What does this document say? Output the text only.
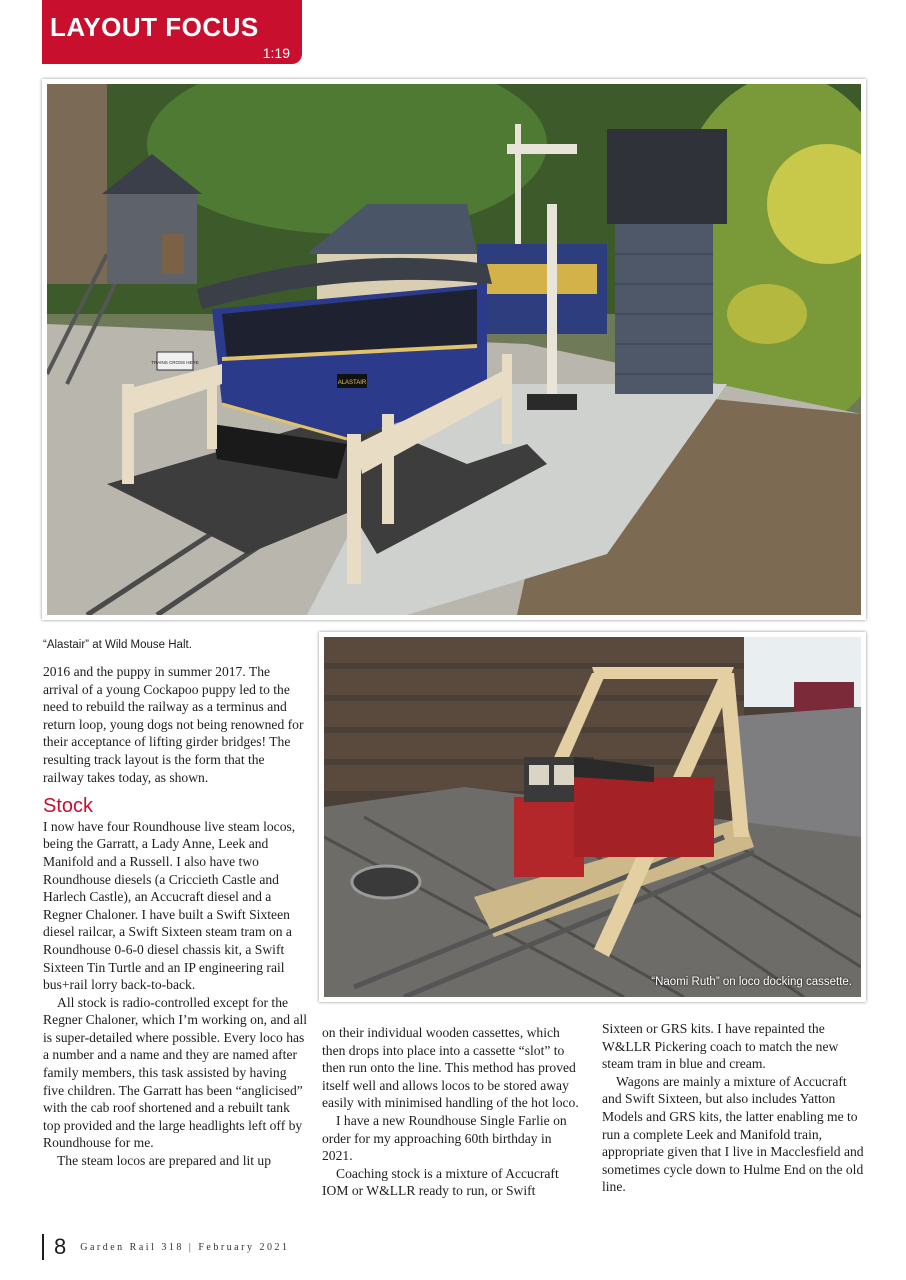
LAYOUT FOCUS
1:19
ALASTAIR
TRAINS CROSS HERE
“Alastair” at Wild Mouse Halt.
“Naomi Ruth” on loco docking cassette.

2016 and the puppy in summer 2017. The arrival of a young Cockapoo puppy led to the need to rebuild the railway as a terminus and return loop, young dogs not being renowned for their acceptance of lifting girder bridges! The resulting track layout is the form that the railway takes today, as shown.

Stock

I now have four Roundhouse live steam locos, being the Garratt, a Lady Anne, Leek and Manifold and a Russell. I also have two Roundhouse diesels (a Criccieth Castle and Harlech Castle), an Accucraft diesel and a Regner Chaloner. I have built a Swift Sixteen diesel railcar, a Swift Sixteen steam tram on a Roundhouse 0-6-0 diesel chassis kit, a Swift Sixteen Tin Turtle and an IP engineering rail bus+rail lorry back-to-back.

All stock is radio-controlled except for the Regner Chaloner, which I’m working on, and all is super-detailed where possible. Every loco has a number and a name and they are named after family members, this task assisted by having five children. The Garratt has been “anglicised” with the cab roof shortened and a rebuilt tank top provided and the large headlights left off by Roundhouse for me.

The steam locos are prepared and lit up

on their individual wooden cassettes, which then drops into place into a cassette “slot” to then run onto the line. This method has proved itself well and allows locos to be stored away easily with minimised handling of the hot loco.

I have a new Roundhouse Single Farlie on order for my approaching 60th birthday in 2021.

Coaching stock is a mixture of Accucraft IOM or W&LLR ready to run, or Swift

Sixteen or GRS kits. I have repainted the W&LLR Pickering coach to match the new steam tram in blue and cream.

Wagons are mainly a mixture of Accucraft and Swift Sixteen, but also includes Yatton Models and GRS kits, the latter enabling me to run a complete Leek and Manifold train, appropriate given that I live in Macclesfield and sometimes cycle down to Hulme End on the old line.

8 Garden Rail 318 | February 2021
